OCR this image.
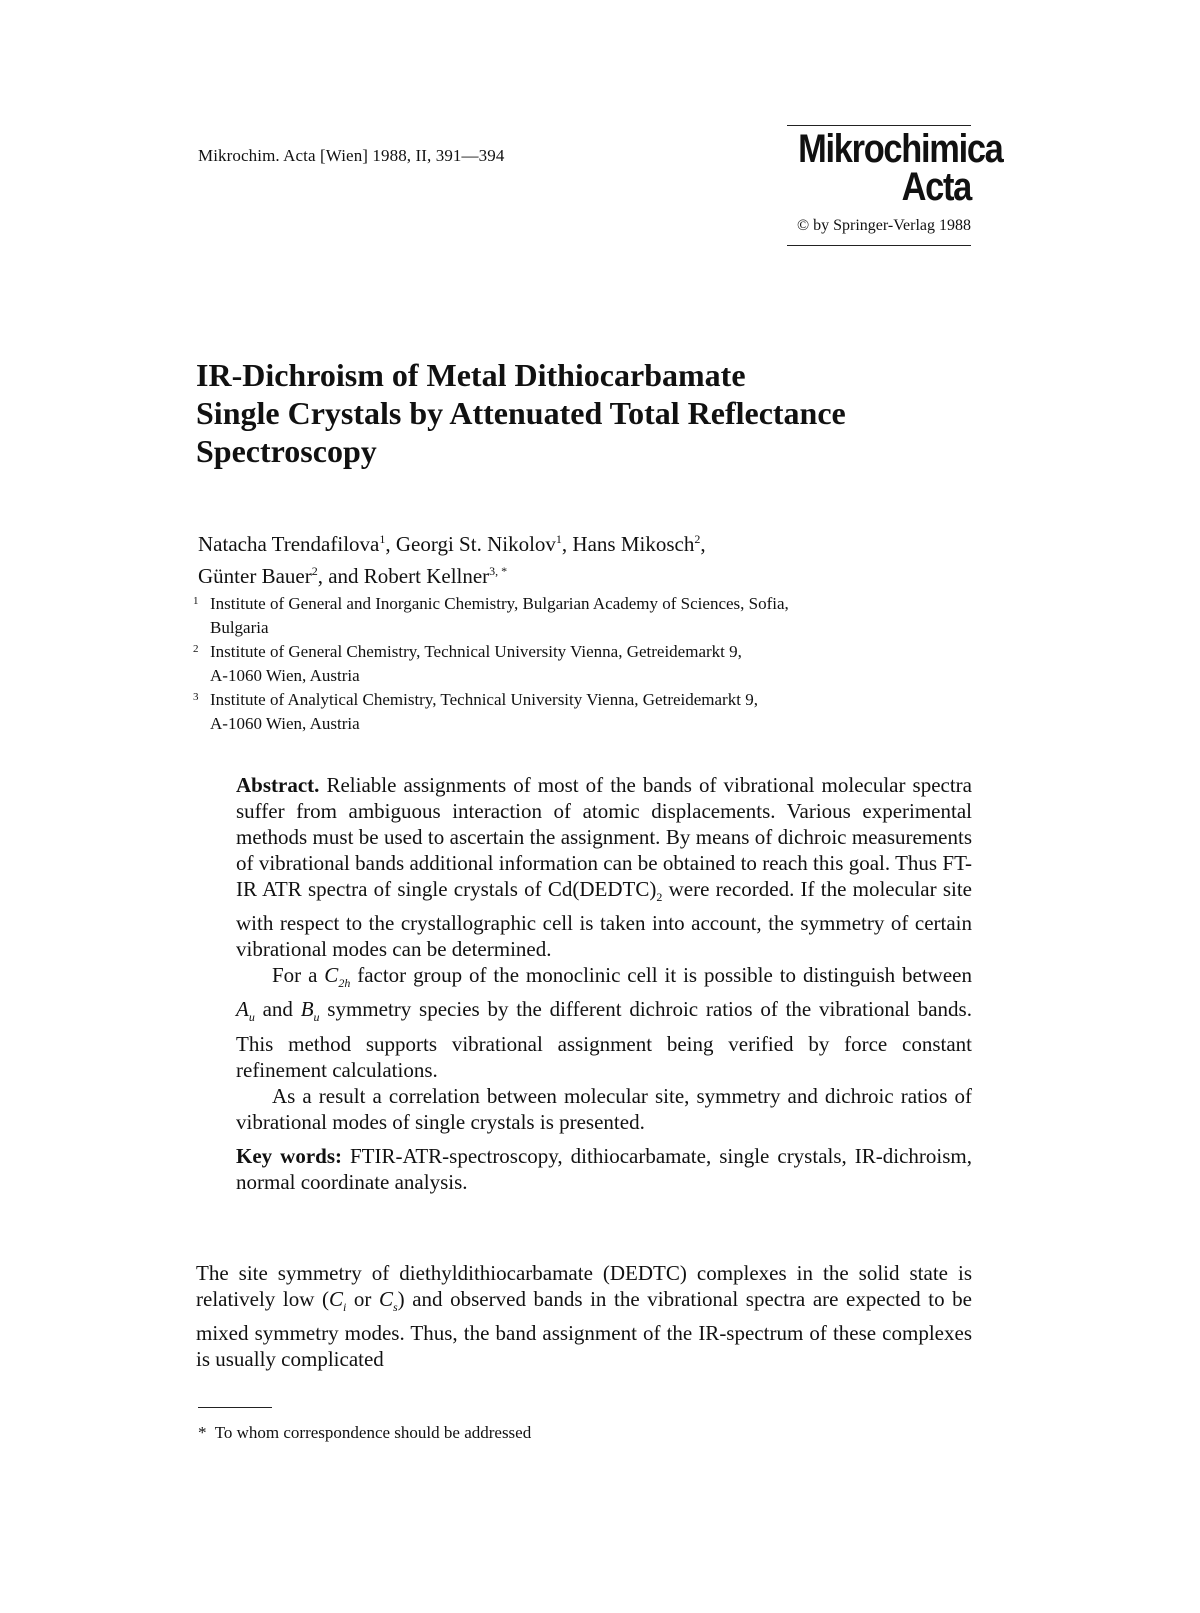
Mikrochim. Acta [Wien] 1988, II, 391—394	Mikrochimica
Acta
© by Springer-Verlag 1988
IR-Dichroism of Metal Dithiocarbamate
Single Crystals by Attenuated Total Reflectance
Spectroscopy
Natacha Trendafilova$^1$, Georgi St. Nikolov$^1$, Hans Mikosch$^2$,
Günter Bauer$^2$, and Robert Kellner$^{3, *}$
1 Institute of General and Inorganic Chemistry, Bulgarian Academy of Sciences, Sofia,
Bulgaria
2 Institute of General Chemistry, Technical University Vienna, Getreidemarkt 9,
A-1060 Wien, Austria
3 Institute of Analytical Chemistry, Technical University Vienna, Getreidemarkt 9,
A-1060 Wien, Austria

Abstract. Reliable assignments of most of the bands of vibrational molecular spectra suffer from ambiguous interaction of atomic displacements. Various experimental methods must be used to ascertain the assignment. By means of dichroic measurements of vibrational bands additional information can be obtained to reach this goal. Thus FT-IR ATR spectra of single crystals of $Cd(DEDTC)_2$ were recorded. If the molecular site with respect to the crystallographic cell is taken into account, the symmetry of certain vibrational modes can be determined.

For a $C_{2h}$ factor group of the monoclinic cell it is possible to distinguish between $A_u$ and $B_u$ symmetry species by the different dichroic ratios of the vibrational bands. This method supports vibrational assignment being verified by force constant refinement calculations.

As a result a correlation between molecular site, symmetry and dichroic ratios of vibrational modes of single crystals is presented.

Key words: FTIR-ATR-spectroscopy, dithiocarbamate, single crystals, IR-dichroism, normal coordinate analysis.

The site symmetry of diethyldithiocarbamate (DEDTC) complexes in the solid state is relatively low ($C_i$ or $C_s$) and observed bands in the vibrational spectra are expected to be mixed symmetry modes. Thus, the band assignment of the IR-spectrum of these complexes is usually complicated

*  To whom correspondence should be addressed
